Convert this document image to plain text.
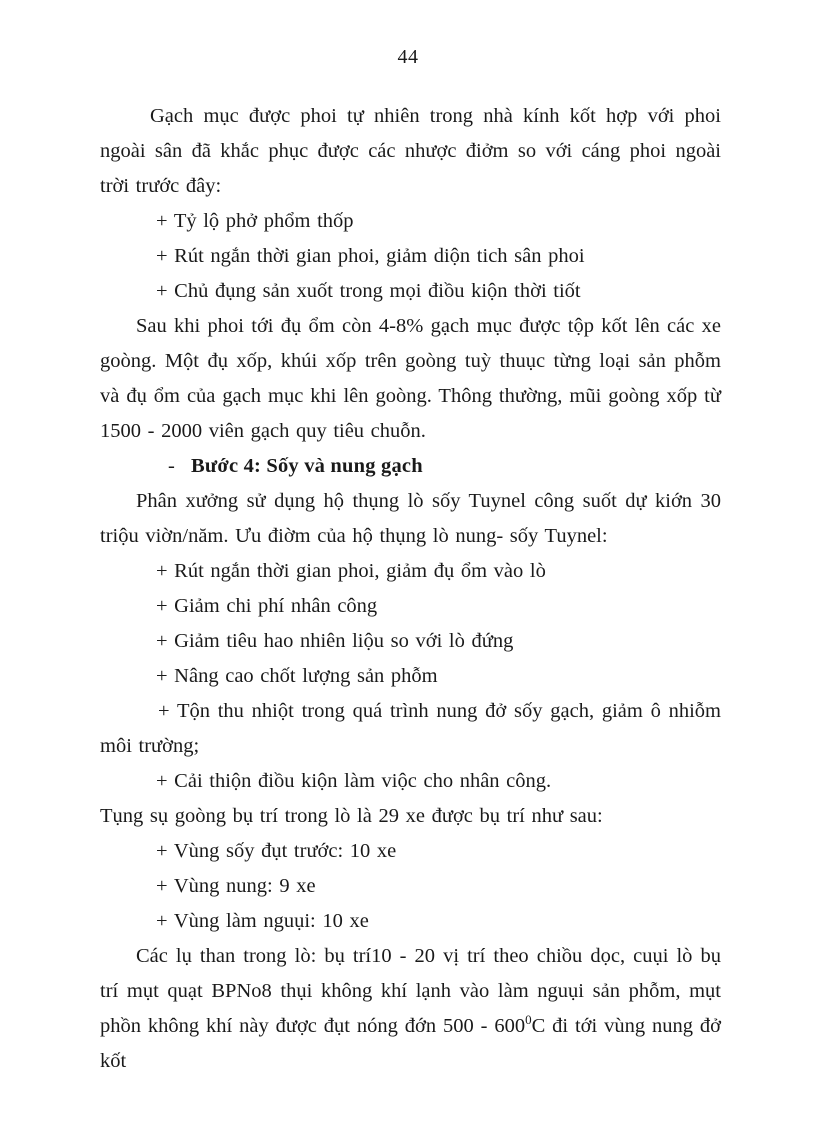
44

Gạch mục được phoi tự nhiên trong nhà kính kốt hợp với phoi ngoài sân đã khắc phục được các nhược điởm so với cáng phoi ngoài trời trước đây:

+ Tỷ lộ phở phổm thốp
+ Rút ngắn thời gian phoi, giảm diộn tich sân phoi
+ Chủ đụng sản xuốt trong mọi điồu kiộn thời tiốt

Sau khi phoi tới đụ ổm còn 4-8% gạch mục được tộp kốt lên các xe goòng. Một đụ xốp, khúi xốp trên goòng tuỳ thuục từng loại sản phỗm và đụ ổm của gạch mục khi lên goòng. Thông thường, mũi goòng xốp từ 1500 - 2000 viên gạch quy tiêu chuỗn.

- Bước 4: Sốy và nung gạch

Phân xưởng sử dụng hộ thụng lò sốy Tuynel công suốt dự kiớn 30 triộu viờn/năm. Ưu điờm của hộ thụng lò nung- sốy Tuynel:

+ Rút ngắn thời gian phoi, giảm đụ ổm vào lò
+ Giảm chi phí nhân công
+ Giảm tiêu hao nhiên liộu so với lò đứng
+ Nâng cao chốt lượng sản phỗm

+ Tộn thu nhiột trong quá trình nung đở sốy gạch, giảm ô nhiỗm môi trường;

+ Cải thiộn điồu kiộn làm viộc cho nhân công.

Tụng sụ goòng bụ trí trong lò là 29 xe được bụ trí như sau:

+ Vùng sốy đụt trước: 10 xe
+ Vùng nung: 9 xe
+ Vùng làm nguụi: 10 xe

Các lụ than trong lò: bụ trí10 - 20 vị trí theo chiồu dọc, cuụi lò bụ trí mụt quạt BPNo8 thụi không khí lạnh vào làm nguụi sản phỗm, mụt phồn không khí này được đụt nóng đớn $500 - 600^0C$ đi tới vùng nung đở kốt
